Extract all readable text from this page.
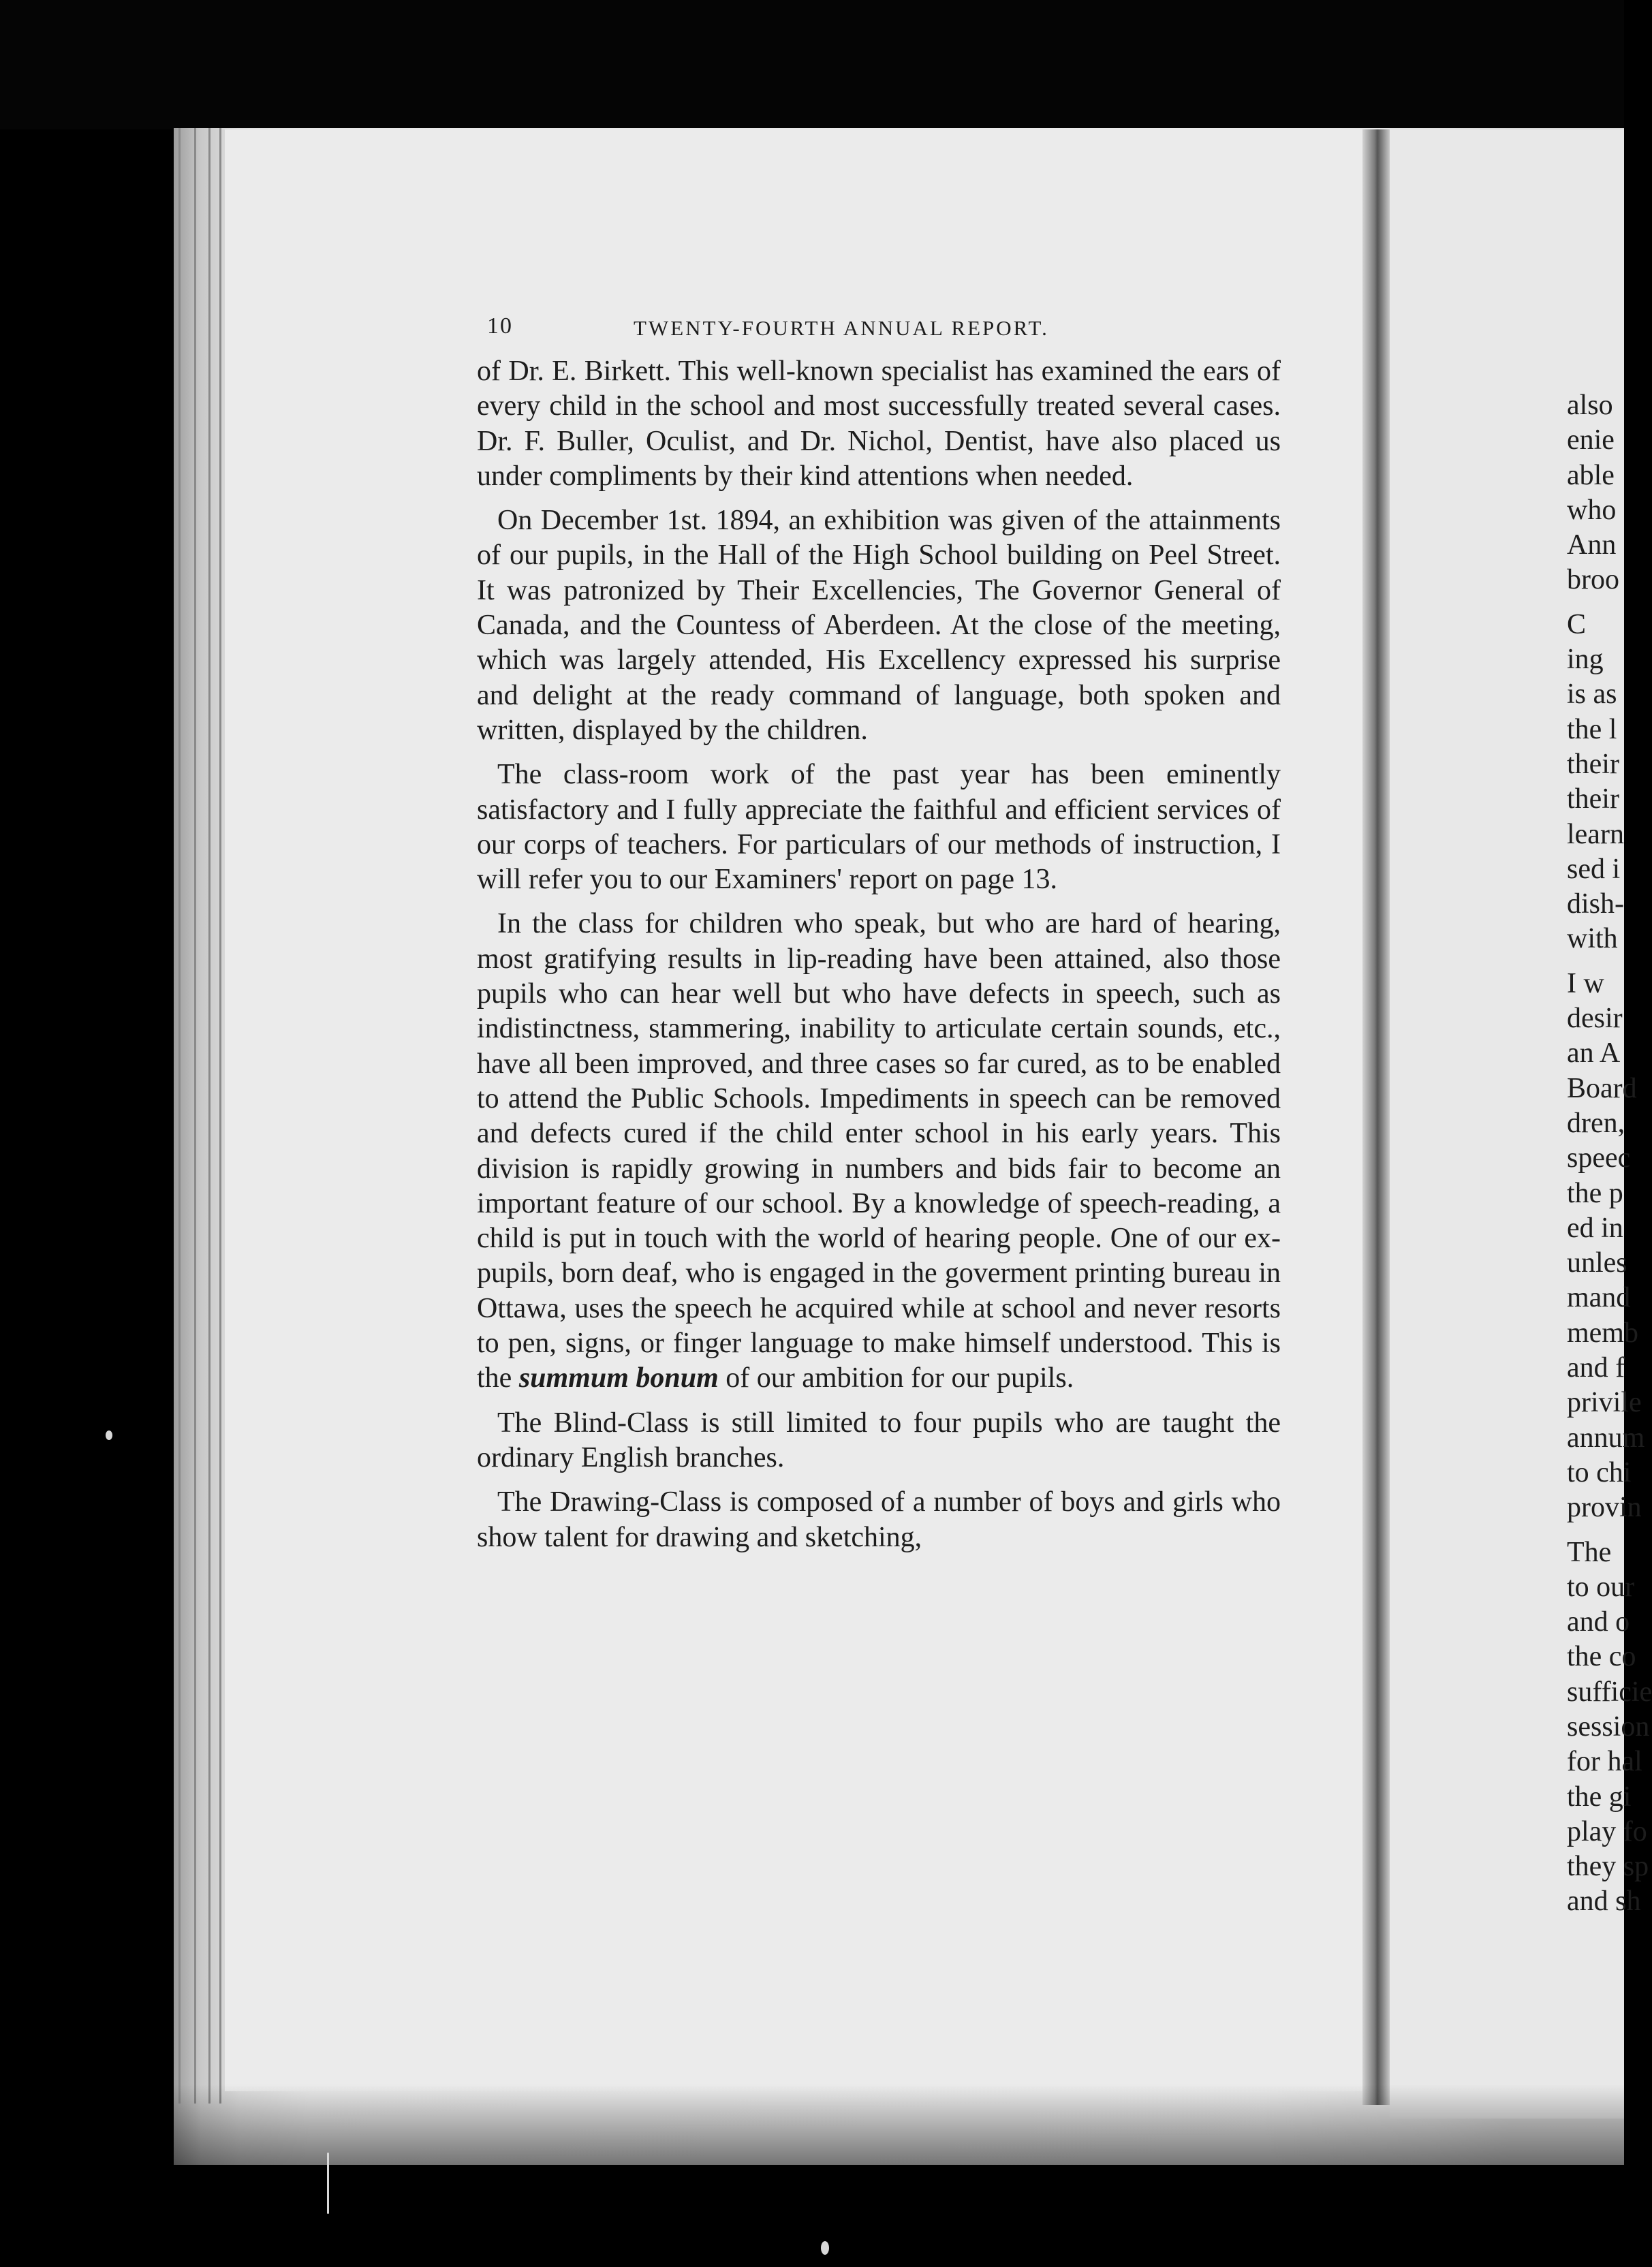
10	TWENTY-FOURTH ANNUAL REPORT.

of Dr. E. Birkett. This well-known specialist has examined the ears of every child in the school and most successfully treated several cases. Dr. F. Buller, Oculist, and Dr. Nichol, Dentist, have also placed us under compliments by their kind attentions when needed.

On December 1st. 1894, an exhibition was given of the attainments of our pupils, in the Hall of the High School building on Peel Street. It was patronized by Their Excellencies, The Governor General of Canada, and the Countess of Aberdeen. At the close of the meeting, which was largely attended, His Excellency expressed his surprise and delight at the ready command of language, both spoken and written, displayed by the children.

The class-room work of the past year has been eminently satisfactory and I fully appreciate the faithful and efficient services of our corps of teachers. For particulars of our methods of instruction, I will refer you to our Examiners' report on page 13.

In the class for children who speak, but who are hard of hearing, most gratifying results in lip-reading have been attained, also those pupils who can hear well but who have defects in speech, such as indistinctness, stammering, inability to articulate certain sounds, etc., have all been improved, and three cases so far cured, as to be enabled to attend the Public Schools. Impediments in speech can be removed and defects cured if the child enter school in his early years. This division is rapidly growing in numbers and bids fair to become an important feature of our school. By a knowledge of speech-reading, a child is put in touch with the world of hearing people. One of our ex-pupils, born deaf, who is engaged in the goverment printing bureau in Ottawa, uses the speech he acquired while at school and never resorts to pen, signs, or finger language to make himself understood. This is the summum bonum of our ambition for our pupils.

The Blind-Class is still limited to four pupils who are taught the ordinary English branches.

The Drawing-Class is composed of a number of boys and girls who show talent for drawing and sketching,

also
enie
able
who
Ann
broo
C
ing
is as
the l
their
their
learn
sed i
dish-
with
I w
desir
an A
Board
dren,
speec
the p
ed in
unles
mand
memb
and f
privile
annum
to chi
provin
The
to our
and o
the co
sufficie
session
for hal
the gi
play fo
they sp
and sh
